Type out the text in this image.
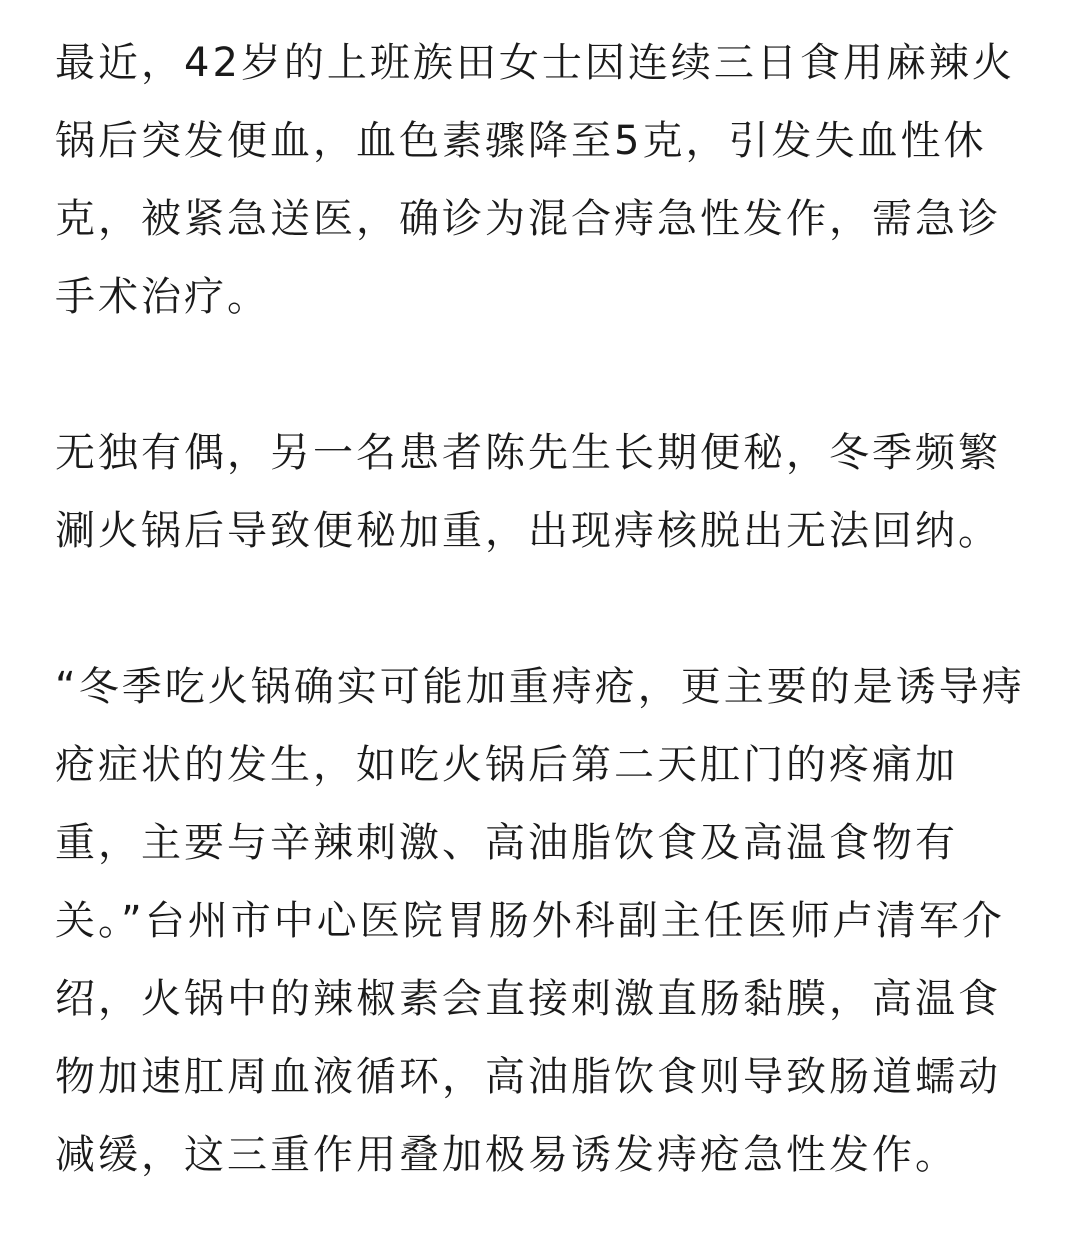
最近，42岁的上班族田女士因连续三日食用麻辣火
锅后突发便血，血色素骤降至5克，引发失血性休
克，被紧急送医，确诊为混合痔急性发作，需急诊
手术治疗。

无独有偶，另一名患者陈先生长期便秘，冬季频繁
涮火锅后导致便秘加重，出现痔核脱出无法回纳。

“冬季吃火锅确实可能加重痔疮，更主要的是诱导痔
疮症状的发生，如吃火锅后第二天肛门的疼痛加
重，主要与辛辣刺激、高油脂饮食及高温食物有
关。”台州市中心医院胃肠外科副主任医师卢清军介
绍，火锅中的辣椒素会直接刺激直肠黏膜，高温食
物加速肛周血液循环，高油脂饮食则导致肠道蠕动
减缓，这三重作用叠加极易诱发痔疮急性发作。
